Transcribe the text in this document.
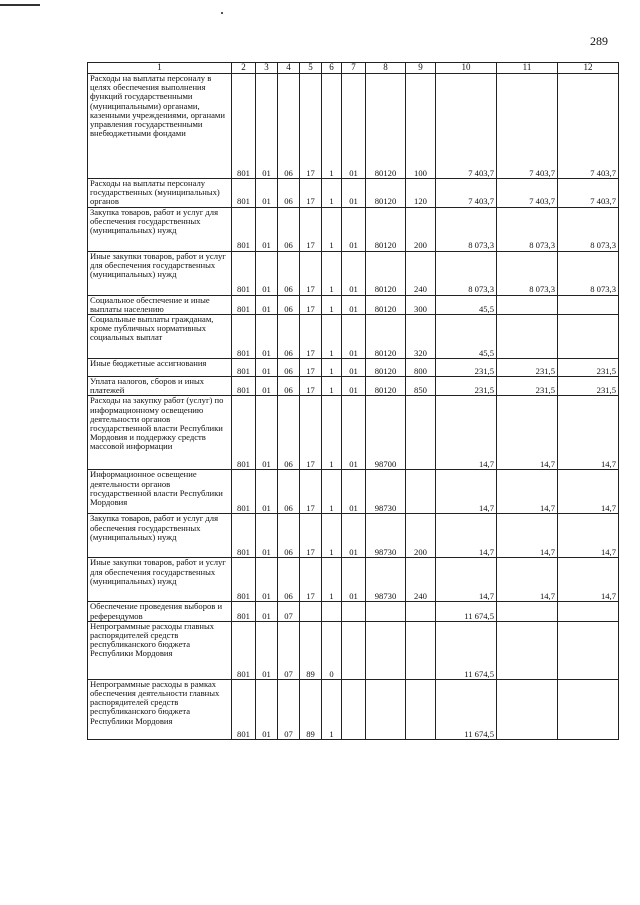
289
1	2	3	4	5	6	7	8	9	10	11	12
Расходы на выплаты персоналу в целях обеспечения выполнения функций государственными (муниципальными) органами, казенными учреждениями, органами управления государственными внебюджетными фондами	801	01	06	17	1	01	80120	100	7 403,7	7 403,7	7 403,7
Расходы на выплаты персоналу государственных (муниципальных) органов	801	01	06	17	1	01	80120	120	7 403,7	7 403,7	7 403,7
Закупка товаров, работ и услуг для обеспечения государственных (муниципальных) нужд	801	01	06	17	1	01	80120	200	8 073,3	8 073,3	8 073,3
Иные закупки товаров, работ и услуг для обеспечения государственных (муниципальных) нужд	801	01	06	17	1	01	80120	240	8 073,3	8 073,3	8 073,3
Социальное обеспечение и иные выплаты населению	801	01	06	17	1	01	80120	300	45,5		
Социальные выплаты гражданам, кроме публичных нормативных социальных выплат	801	01	06	17	1	01	80120	320	45,5		
Иные бюджетные ассигнования	801	01	06	17	1	01	80120	800	231,5	231,5	231,5
Уплата налогов, сборов и иных платежей	801	01	06	17	1	01	80120	850	231,5	231,5	231,5
Расходы на закупку работ (услуг) по информационному освещению деятельности органов государственной власти Республики Мордовия и поддержку средств массовой информации	801	01	06	17	1	01	98700		14,7	14,7	14,7
Информационное освещение деятельности органов государственной власти Республики Мордовия	801	01	06	17	1	01	98730		14,7	14,7	14,7
Закупка товаров, работ и услуг для обеспечения государственных (муниципальных) нужд	801	01	06	17	1	01	98730	200	14,7	14,7	14,7
Иные закупки товаров, работ и услуг для обеспечения государственных (муниципальных) нужд	801	01	06	17	1	01	98730	240	14,7	14,7	14,7
Обеспечение проведения выборов и референдумов	801	01	07						11 674,5		
Непрограммные расходы главных распорядителей средств республиканского бюджета Республики Мордовия	801	01	07	89	0				11 674,5		
Непрограммные расходы в рамках обеспечения деятельности главных распорядителей средств республиканского бюджета Республики Мордовия	801	01	07	89	1				11 674,5		
